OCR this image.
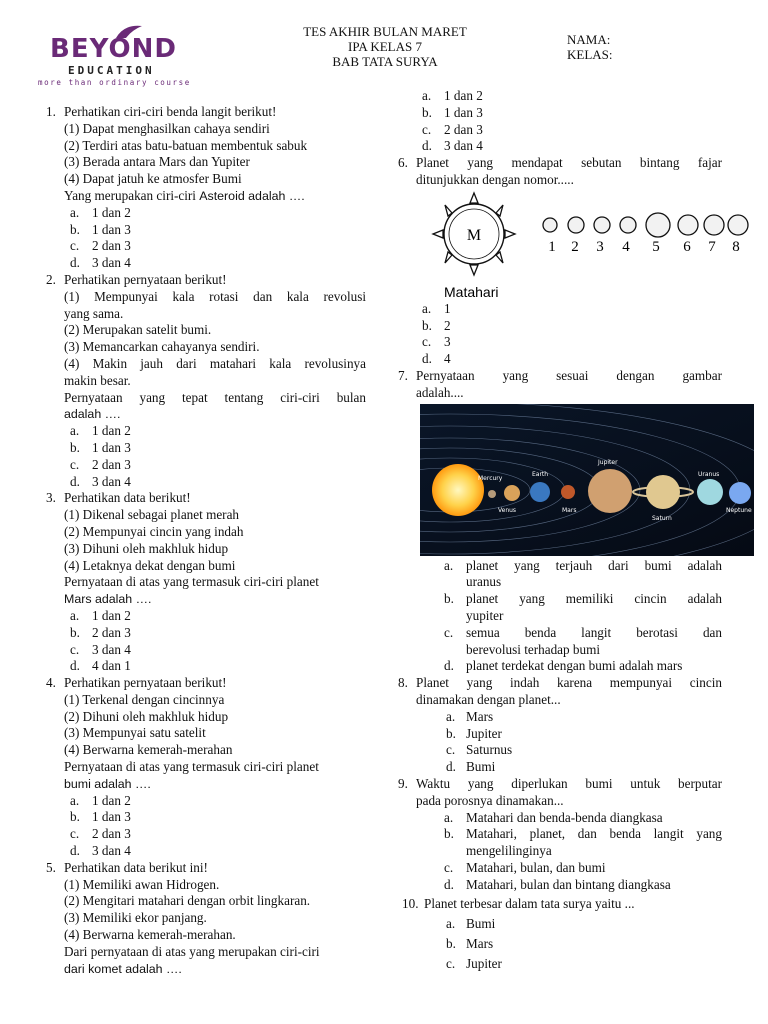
BEYOND
EDUCATION
more than ordinary course
TES AKHIR BULAN MARET
IPA KELAS 7
BAB TATA SURYA
NAMA:
KELAS:
1. Perhatikan ciri-ciri benda langit berikut!
(1) Dapat menghasilkan cahaya sendiri
(2) Terdiri atas batu-batuan membentuk sabuk
(3) Berada antara Mars dan Yupiter
(4) Dapat jatuh ke atmosfer Bumi
Yang merupakan ciri-ciri Asteroid adalah ….
a. 1 dan 2
b. 1 dan 3
c. 2 dan 3
d. 3 dan 4
2. Perhatikan pernyataan berikut!
(1) Mempunyai kala rotasi dan kala revolusi
yang sama.
(2) Merupakan satelit bumi.
(3) Memancarkan cahayanya sendiri.
(4) Makin jauh dari matahari kala revolusinya
makin besar.
Pernyataan yang tepat tentang ciri-ciri bulan
adalah ….
a. 1 dan 2
b. 1 dan 3
c. 2 dan 3
d. 3 dan 4
3. Perhatikan data berikut!
(1) Dikenal sebagai planet merah
(2) Mempunyai cincin yang indah
(3) Dihuni oleh makhluk hidup
(4) Letaknya dekat dengan bumi
Pernyataan di atas yang termasuk ciri-ciri planet
Mars adalah ….
a. 1 dan 2
b. 2 dan 3
c. 3 dan 4
d. 4 dan 1
4. Perhatikan pernyataan berikut!
(1) Terkenal dengan cincinnya
(2) Dihuni oleh makhluk hidup
(3) Mempunyai satu satelit
(4) Berwarna kemerah-merahan
Pernyataan di atas yang termasuk ciri-ciri planet
bumi adalah ….
a. 1 dan 2
b. 1 dan 3
c. 2 dan 3
d. 3 dan 4
5. Perhatikan data berikut ini!
(1) Memiliki awan Hidrogen.
(2) Mengitari matahari dengan orbit lingkaran.
(3) Memiliki ekor panjang.
(4) Berwarna kemerah-merahan.
Dari pernyataan di atas yang merupakan ciri-ciri
dari komet adalah ….
a. 1 dan 2
b. 1 dan 3
c. 2 dan 3
d. 3 dan 4
6. Planet yang mendapat sebutan bintang fajar
ditunjukkan dengan nomor.....
M
Matahari
1 2 3 4 5 6 7 8
a. 1
b. 2
c. 3
d. 4
7. Pernyataan yang sesuai dengan gambar
adalah....
Mercury
Venus
Earth
Mars
Jupiter
Saturn
Uranus
Neptune
a. planet yang terjauh dari bumi adalah
uranus
b. planet yang memiliki cincin adalah
yupiter
c. semua benda langit berotasi dan
berevolusi terhadap bumi
d. planet terdekat dengan bumi adalah mars
8. Planet yang indah karena mempunyai cincin
dinamakan dengan planet...
a. Mars
b. Jupiter
c. Saturnus
d. Bumi
9. Waktu yang diperlukan bumi untuk berputar
pada porosnya dinamakan...
a. Matahari dan benda-benda diangkasa
b. Matahari, planet, dan benda langit yang
mengelilinginya
c. Matahari, bulan, dan bumi
d. Matahari, bulan dan bintang diangkasa
10. Planet terbesar dalam tata surya yaitu ...
a. Bumi
b. Mars
c. Jupiter
